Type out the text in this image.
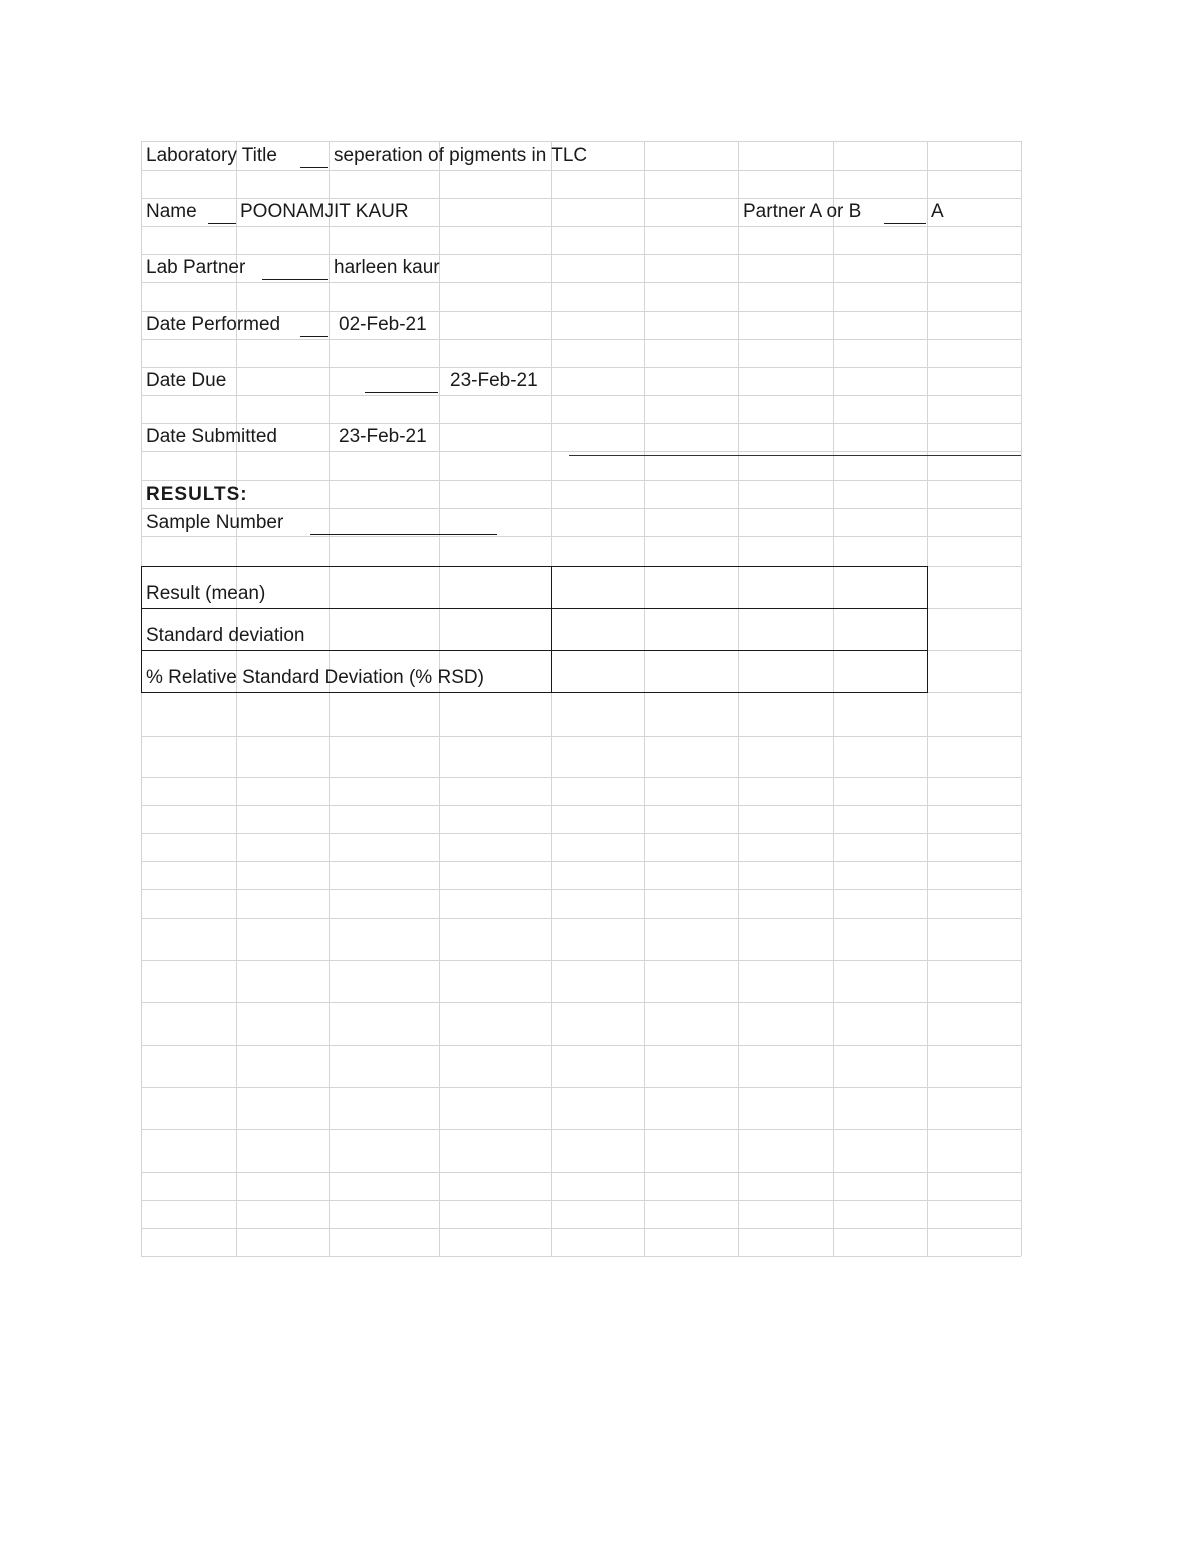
Laboratory Title	seperation of pigments in TLC
Name POONAMJIT KAUR	Partner A or B	A
Lab Partner	harleen kaur
Date Performed	02-Feb-21
Date Due	23-Feb-21
Date Submitted	23-Feb-21
RESULTS:
Sample Number
Result (mean)
Standard deviation
% Relative Standard Deviation (% RSD)
